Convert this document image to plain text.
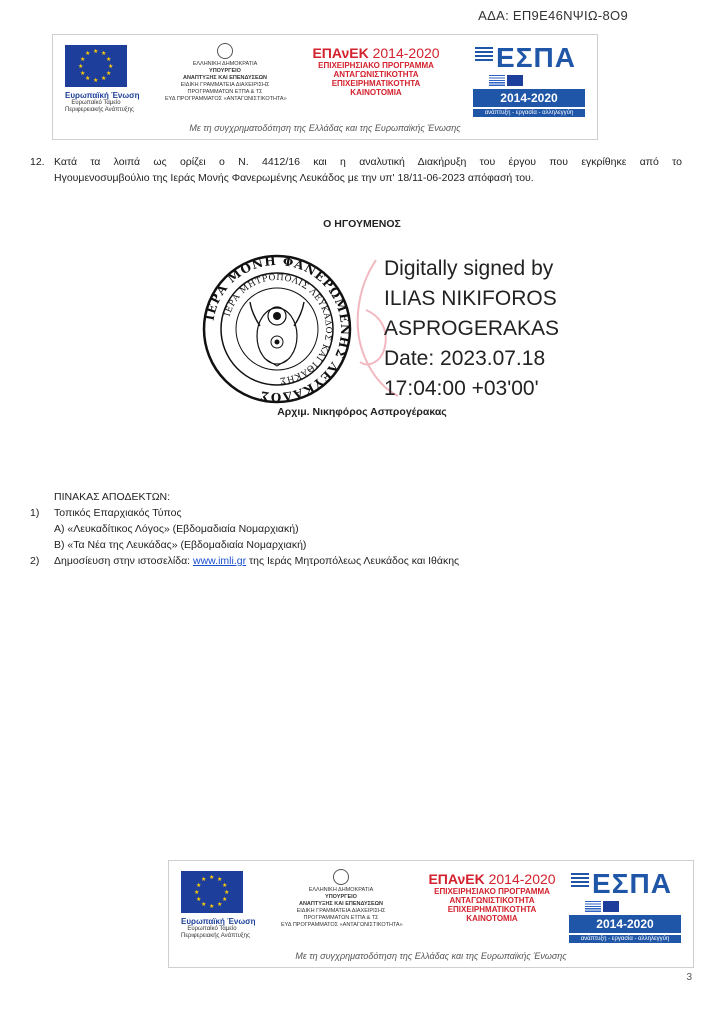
ΑΔΑ: ΕΠ9Ε46ΝΨΙΩ-8Ο9
★ ★
★
★
★
★
★
★
★
★
★
★
Ευρωπαϊκή Ένωση
Ευρωπαϊκό Ταμείο
Περιφερειακής Ανάπτυξης
ΕΛΛΗΝΙΚΗ ΔΗΜΟΚΡΑΤΙΑ
ΥΠΟΥΡΓΕΙΟ
ΑΝΑΠΤΥΞΗΣ ΚΑΙ ΕΠΕΝΔΥΣΕΩΝ
ΕΙΔΙΚΗ ΓΡΑΜΜΑΤΕΙΑ ΔΙΑΧΕΙΡΙΣΗΣ
ΠΡΟΓΡΑΜΜΑΤΩΝ ΕΤΠΑ & ΤΣ
ΕΥΔ ΠΡΟΓΡΑΜΜΑΤΟΣ «ΑΝΤΑΓΩΝΙΣΤΙΚΟΤΗΤΑ»
ΕΠΑνΕΚ 2014-2020
ΕΠΙΧΕΙΡΗΣΙΑΚΟ ΠΡΟΓΡΑΜΜΑ
ΑΝΤΑΓΩΝΙΣΤΙΚΟΤΗΤΑ
ΕΠΙΧΕΙΡΗΜΑΤΙΚΟΤΗΤΑ
ΚΑΙΝΟΤΟΜΙΑ
ΕΣΠΑ
2014-2020
ανάπτυξη - εργασία - αλληλεγγύη
Με τη συγχρηματοδότηση της Ελλάδας και της Ευρωπαϊκής Ένωσης
12. Κατά τα λοιπά ως ορίζει ο Ν. 4412/16 και η αναλυτική Διακήρυξη του έργου που εγκρίθηκε από το
Ηγουμενοσυμβούλιο της Ιεράς Μονής Φανερωμένης Λευκάδος με την υπ' 18/11-06-2023 απόφασή του.
Ο ΗΓΟΥΜΕΝΟΣ
ΙΕΡΑ ΜΟΝΗ ΦΑΝΕΡΩΜΕΝΗΣ ΛΕΥΚΑΔΟΣ
ΙΕΡΑ ΜΗΤΡΟΠΟΛΙΣ ΛΕΥΚΑΔΟΣ ΚΑΙ ΙΘΑΚΗΣ
Digitally signed by
ILIAS NIKIFOROS
ASPROGERAKAS
Date: 2023.07.18
17:04:00 +03'00'
Αρχιμ. Νικηφόρος Ασπρογέρακας
ΠΙΝΑΚΑΣ ΑΠΟΔΕΚΤΩΝ:
1) Τοπικός Επαρχιακός Τύπος
Α) «Λευκαδίτικος Λόγος» (Εβδομαδιαία Νομαρχιακή)
Β) «Τα Νέα της Λευκάδας» (Εβδομαδιαία Νομαρχιακή)
2) Δημοσίευση στην ιστοσελίδα: www.imli.gr της Ιεράς Μητροπόλεως Λευκάδος και Ιθάκης
★ ★
★
★
★
★
★
★
★
★
★
★
Ευρωπαϊκή Ένωση
Ευρωπαϊκό Ταμείο
Περιφερειακής Ανάπτυξης
ΕΛΛΗΝΙΚΗ ΔΗΜΟΚΡΑΤΙΑ
ΥΠΟΥΡΓΕΙΟ
ΑΝΑΠΤΥΞΗΣ ΚΑΙ ΕΠΕΝΔΥΣΕΩΝ
ΕΙΔΙΚΗ ΓΡΑΜΜΑΤΕΙΑ ΔΙΑΧΕΙΡΙΣΗΣ
ΠΡΟΓΡΑΜΜΑΤΩΝ ΕΤΠΑ & ΤΣ
ΕΥΔ ΠΡΟΓΡΑΜΜΑΤΟΣ «ΑΝΤΑΓΩΝΙΣΤΙΚΟΤΗΤΑ»
ΕΠΑνΕΚ 2014-2020
ΕΠΙΧΕΙΡΗΣΙΑΚΟ ΠΡΟΓΡΑΜΜΑ
ΑΝΤΑΓΩΝΙΣΤΙΚΟΤΗΤΑ
ΕΠΙΧΕΙΡΗΜΑΤΙΚΟΤΗΤΑ
ΚΑΙΝΟΤΟΜΙΑ
ΕΣΠΑ
2014-2020
ανάπτυξη - εργασία - αλληλεγγύη
Με τη συγχρηματοδότηση της Ελλάδας και της Ευρωπαϊκής Ένωσης
3
